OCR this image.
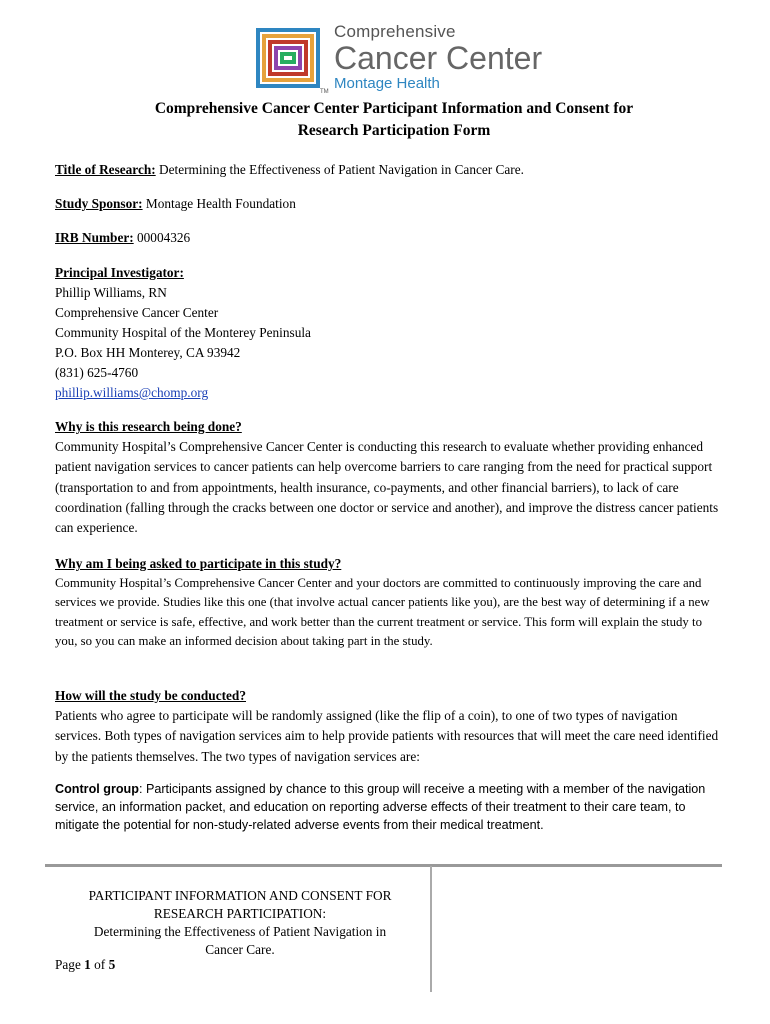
TM
Comprehensive
Cancer Center
Montage Health
Comprehensive Cancer Center Participant Information and Consent for
Research Participation Form
Title of Research: Determining the Effectiveness of Patient Navigation in Cancer Care.
Study Sponsor: Montage Health Foundation
IRB Number: 00004326
Principal Investigator:
Phillip Williams, RN
Comprehensive Cancer Center
Community Hospital of the Monterey Peninsula
P.O. Box HH Monterey, CA 93942
(831) 625-4760
phillip.williams@chomp.org
Why is this research being done?
Community Hospital’s Comprehensive Cancer Center is conducting this research to evaluate whether providing enhanced patient navigation services to cancer patients can help overcome barriers to care ranging from the need for practical support (transportation to and from appointments, health insurance, co-payments, and other financial barriers), to lack of care coordination (falling through the cracks between one doctor or service and another), and improve the distress cancer patients can experience.
Why am I being asked to participate in this study?
Community Hospital’s Comprehensive Cancer Center and your doctors are committed to continuously improving the care and services we provide. Studies like this one (that involve actual cancer patients like you), are the best way of determining if a new treatment or service is safe, effective, and work better than the current treatment or service. This form will explain the study to you, so you can make an informed decision about taking part in the study.
How will the study be conducted?
Patients who agree to participate will be randomly assigned (like the flip of a coin), to one of two types of navigation services. Both types of navigation services aim to help provide patients with resources that will meet the care need identified by the patients themselves. The two types of navigation services are:
Control group: Participants assigned by chance to this group will receive a meeting with a member of the navigation service, an information packet, and education on reporting adverse effects of their treatment to their care team, to mitigate the potential for non-study-related adverse events from their medical treatment.
PARTICIPANT INFORMATION AND CONSENT FOR
RESEARCH PARTICIPATION:
Determining the Effectiveness of Patient Navigation in
Cancer Care.
Page 1 of 5
